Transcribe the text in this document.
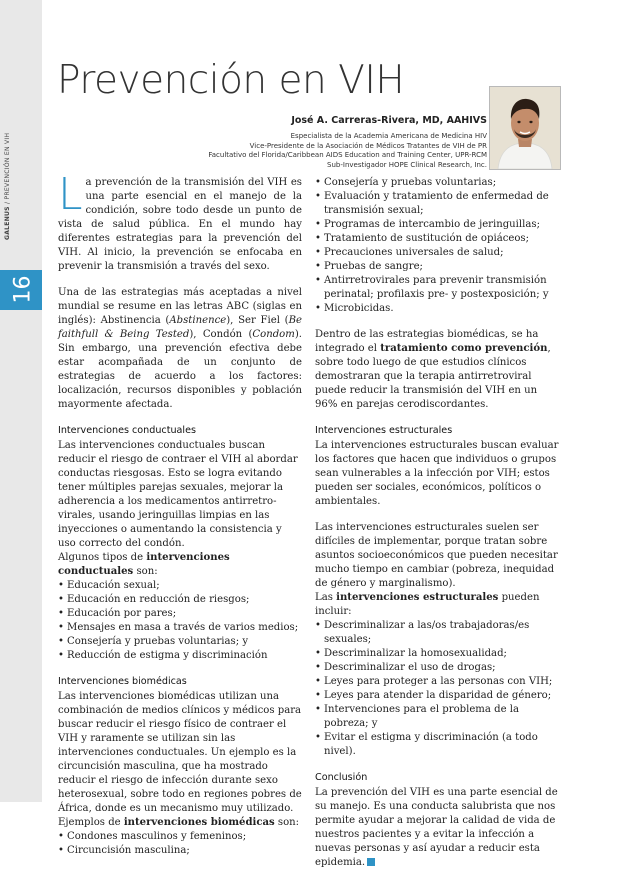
GALENUS / PREVENCIÓN EN VIH
16
Prevención en VIH
José A. Carreras-Rivera, MD, AAHIVS
Especialista de la Academia Americana de Medicina HIV
Vice-Presidente de la Asociación de Médicos Tratantes de VIH de PR
Facultativo del Florida/Caribbean AIDS Education and Training Center, UPR-RCM
Sub-Investigador HOPE Clinical Research, Inc.

La prevención de la transmisión del VIH es una parte esencial en el manejo de la condición, sobre todo desde un punto de vista de salud pública. En el mundo hay diferentes estrategias para la prevención del VIH. Al inicio, la prevención se enfocaba en prevenir la transmisión a través del sexo.

Una de las estrategias más aceptadas a nivel mundial se resume en las letras ABC (siglas en inglés): Abstinencia (Abstinence), Ser Fiel (Be faithfull & Being Tested), Condón (Condom). Sin embargo, una prevención efectiva debe estar acompañada de un conjunto de estrategias de acuerdo a los factores: localización, recursos disponibles y población mayormente afectada.

Intervenciones conductuales

Las intervenciones conductuales buscan reducir el riesgo de contraer el VIH al abordar conductas riesgosas. Esto se logra evitando tener múltiples parejas sexuales, mejorar la adherencia a los medicamentos antirretro-virales, usando jeringuillas limpias en las inyecciones o aumentando la consistencia y uso correcto del condón.

Algunos tipos de intervenciones conductuales son:

• Educación sexual;
• Educación en reducción de riesgos;
• Educación por pares;
• Mensajes en masa a través de varios medios;
• Consejería y pruebas voluntarias; y
• Reducción de estigma y discriminación
Intervenciones biomédicas

Las intervenciones biomédicas utilizan una combinación de medios clínicos y médicos para buscar reducir el riesgo físico de contraer el VIH y raramente se utilizan sin las intervenciones conductuales. Un ejemplo es la circuncisión masculina, que ha mostrado reducir el riesgo de infección durante sexo heterosexual, sobre todo en regiones pobres de África, donde es un mecanismo muy utilizado.

Ejemplos de intervenciones biomédicas son:

• Condones masculinos y femeninos;
• Circuncisión masculina;
• Consejería y pruebas voluntarias;
• Evaluación y tratamiento de enfermedad de transmisión sexual;
• Programas de intercambio de jeringuillas;
• Tratamiento de sustitución de opiáceos;
• Precauciones universales de salud;
• Pruebas de sangre;
• Antirretrovirales para prevenir transmisión perinatal; profilaxis pre- y postexposición; y
• Microbicidas.

Dentro de las estrategias biomédicas, se ha integrado el tratamiento como prevención, sobre todo luego de que estudios clínicos demostraran que la terapia antirretroviral puede reducir la transmisión del VIH en un 96% en parejas cerodiscordantes.

Intervenciones estructurales

La intervenciones estructurales buscan evaluar los factores que hacen que individuos o grupos sean vulnerables a la infección por VIH; estos pueden ser sociales, económicos, políticos o ambientales.

Las intervenciones estructurales suelen ser difíciles de implementar, porque tratan sobre asuntos socioeconómicos que pueden necesitar mucho tiempo en cambiar (pobreza, inequidad de género y marginalismo).

Las intervenciones estructurales pueden incluir:

• Descriminalizar a las/os trabajadoras/es sexuales;
• Descriminalizar la homosexualidad;
• Descriminalizar el uso de drogas;
• Leyes para proteger a las personas con VIH;
• Leyes para atender la disparidad de género;
• Intervenciones para el problema de la pobreza; y
• Evitar el estigma y discriminación (a todo nivel).
Conclusión

La prevención del VIH es una parte esencial de su manejo. Es una conducta salubrista que nos permite ayudar a mejorar la calidad de vida de nuestros pacientes y a evitar la infección a nuevas personas y así ayudar a reducir esta epidemia.
